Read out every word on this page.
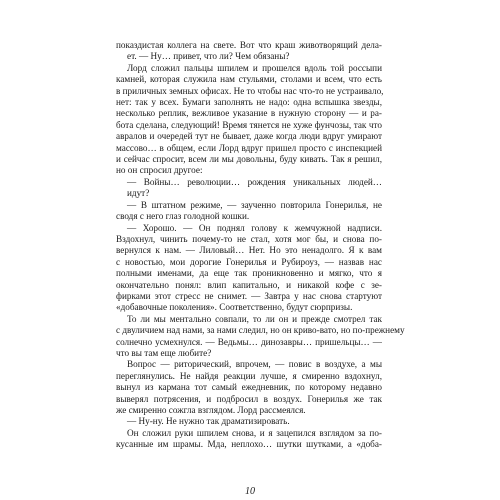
показдистая коллега на свете. Вот что краш животворящий дела-
ет. — Ну… привет, что ли? Чем обязаны?
Лорд сложил пальцы шпилем и прошелся вдоль той россыпи
камней, которая служила нам стульями, столами и всем, что есть
в приличных земных офисах. Не то чтобы нас что-то не устраивало,
нет: так у всех. Бумаги заполнять не надо: одна вспышка звезды,
несколько реплик, вежливое указание в нужную сторону — и ра-
бота сделана, следующий! Время тянется не хуже фунчозы, так что
авралов и очередей тут не бывает, даже когда люди вдруг умирают
массово… в общем, если Лорд вдруг пришел просто с инспекцией
и сейчас спросит, всем ли мы довольны, буду кивать. Так я решил,
но он спросил другое:
— Войны… революции… рождения уникальных людей…
идут?
— В штатном режиме, — заученно повторила Гонерилья, не
сводя с него глаз голодной кошки.
— Хорошо. — Он поднял голову к жемчужной надписи.
Вздохнул, чинить почему-то не стал, хотя мог бы, и снова по-
вернулся к нам. — Лиловый… Нет. Но это ненадолго. Я к вам
с новостью, мои дорогие Гонерилья и Рубироуз, — назвав нас
полными именами, да еще так проникновенно и мягко, что я
окончательно понял: влип капитально, и никакой кофе с зе-
фирками этот стресс не снимет. — Завтра у нас снова стартуют
«добавочные поколения». Соответственно, будут сюрпризы.
То ли мы ментально совпали, то ли он и прежде смотрел так
с двуличием над нами, за нами следил, но он криво-вато, но по-прежнему
солнечно усмехнулся. — Ведьмы… динозавры… пришельцы… —
что вы там еще любите?
Вопрос — риторический, впрочем, — повис в воздухе, а мы
переглянулись. Не найдя реакции лучше, я смиренно вздохнул,
вынул из кармана тот самый ежедневник, по которому недавно
выверял потрясения, и подбросил в воздух. Гонерилья же так
же смиренно сожгла взглядом. Лорд рассмеялся.
— Ну-ну. Не нужно так драматизировать.
Он сложил руки шпилем снова, и я зацепился взглядом за по-
кусанные им шрамы. Мда, неплохо… шутки шутками, а «доба-
10
